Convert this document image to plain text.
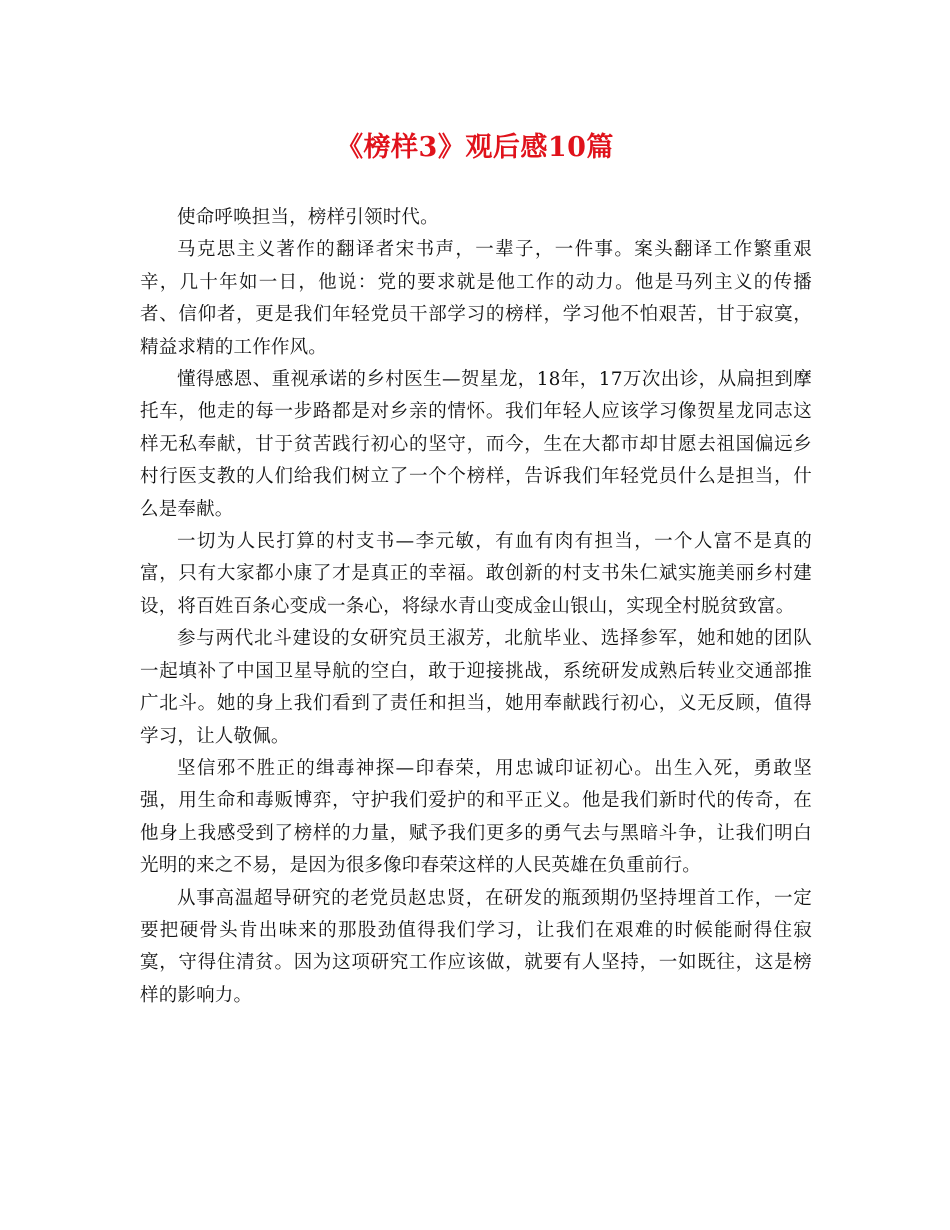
《榜样3》观后感10篇

使命呼唤担当，榜样引领时代。

马克思主义著作的翻译者宋书声，一辈子，一件事。案头翻译工作繁重艰辛，几十年如一日，他说：党的要求就是他工作的动力。他是马列主义的传播者、信仰者，更是我们年轻党员干部学习的榜样，学习他不怕艰苦，甘于寂寞，精益求精的工作作风。

懂得感恩、重视承诺的乡村医生—贺星龙，18年，17万次出诊，从扁担到摩托车，他走的每一步路都是对乡亲的情怀。我们年轻人应该学习像贺星龙同志这样无私奉献，甘于贫苦践行初心的坚守，而今，生在大都市却甘愿去祖国偏远乡村行医支教的人们给我们树立了一个个榜样，告诉我们年轻党员什么是担当，什么是奉献。

一切为人民打算的村支书—李元敏，有血有肉有担当，一个人富不是真的富，只有大家都小康了才是真正的幸福。敢创新的村支书朱仁斌实施美丽乡村建设，将百姓百条心变成一条心，将绿水青山变成金山银山，实现全村脱贫致富。

参与两代北斗建设的女研究员王淑芳，北航毕业、选择参军，她和她的团队一起填补了中国卫星导航的空白，敢于迎接挑战，系统研发成熟后转业交通部推广北斗。她的身上我们看到了责任和担当，她用奉献践行初心，义无反顾，值得学习，让人敬佩。

坚信邪不胜正的缉毒神探—印春荣，用忠诚印证初心。出生入死，勇敢坚强，用生命和毒贩博弈，守护我们爱护的和平正义。他是我们新时代的传奇，在他身上我感受到了榜样的力量，赋予我们更多的勇气去与黑暗斗争，让我们明白光明的来之不易，是因为很多像印春荣这样的人民英雄在负重前行。

从事高温超导研究的老党员赵忠贤，在研发的瓶颈期仍坚持埋首工作，一定要把硬骨头肯出味来的那股劲值得我们学习，让我们在艰难的时候能耐得住寂寞，守得住清贫。因为这项研究工作应该做，就要有人坚持，一如既往，这是榜样的影响力。
